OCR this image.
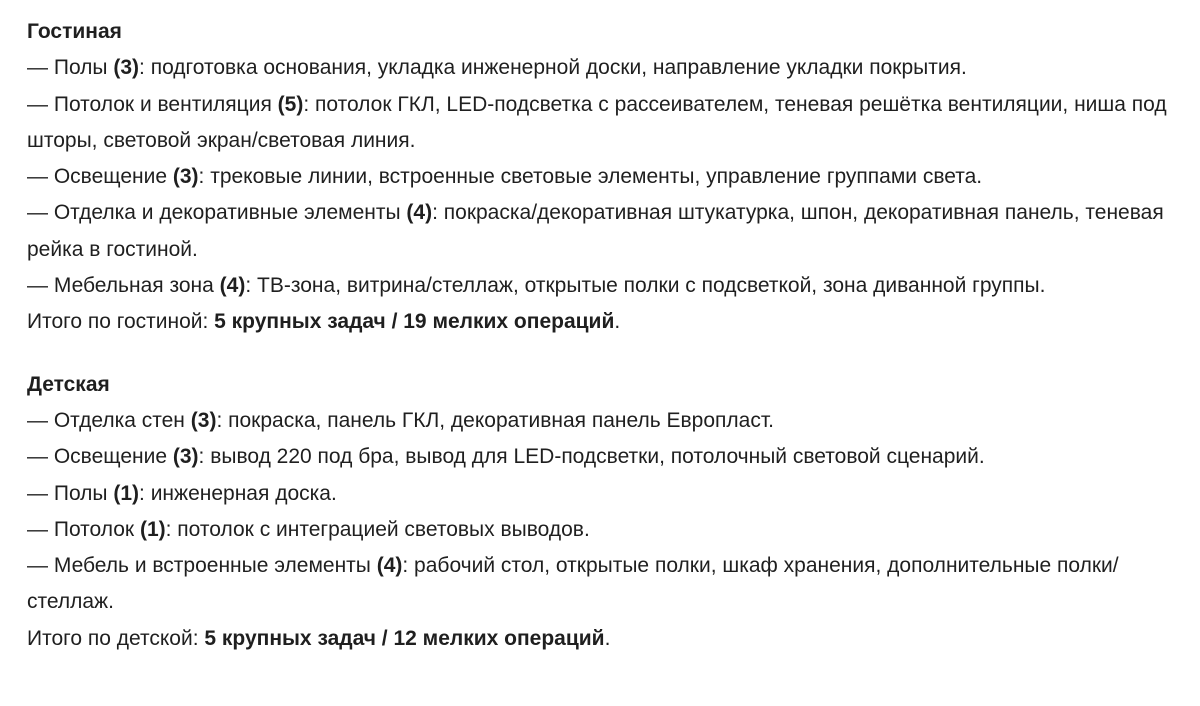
Гостиная
— Полы (3): подготовка основания, укладка инженерной доски, направление укладки покрытия.
— Потолок и вентиляция (5): потолок ГКЛ, LED-подсветка с рассеивателем, теневая решётка вентиляции, ниша под шторы, световой экран/световая линия.
— Освещение (3): трековые линии, встроенные световые элементы, управление группами света.
— Отделка и декоративные элементы (4): покраска/декоративная штукатурка, шпон, декоративная панель, теневая рейка в гостиной.
— Мебельная зона (4): ТВ-зона, витрина/стеллаж, открытые полки с подсветкой, зона диванной группы.
Итого по гостиной: 5 крупных задач / 19 мелких операций.
Детская
— Отделка стен (3): покраска, панель ГКЛ, декоративная панель Европласт.
— Освещение (3): вывод 220 под бра, вывод для LED-подсветки, потолочный световой сценарий.
— Полы (1): инженерная доска.
— Потолок (1): потолок с интеграцией световых выводов.
— Мебель и встроенные элементы (4): рабочий стол, открытые полки, шкаф хранения, дополнительные полки/стеллаж.
Итого по детской: 5 крупных задач / 12 мелких операций.
